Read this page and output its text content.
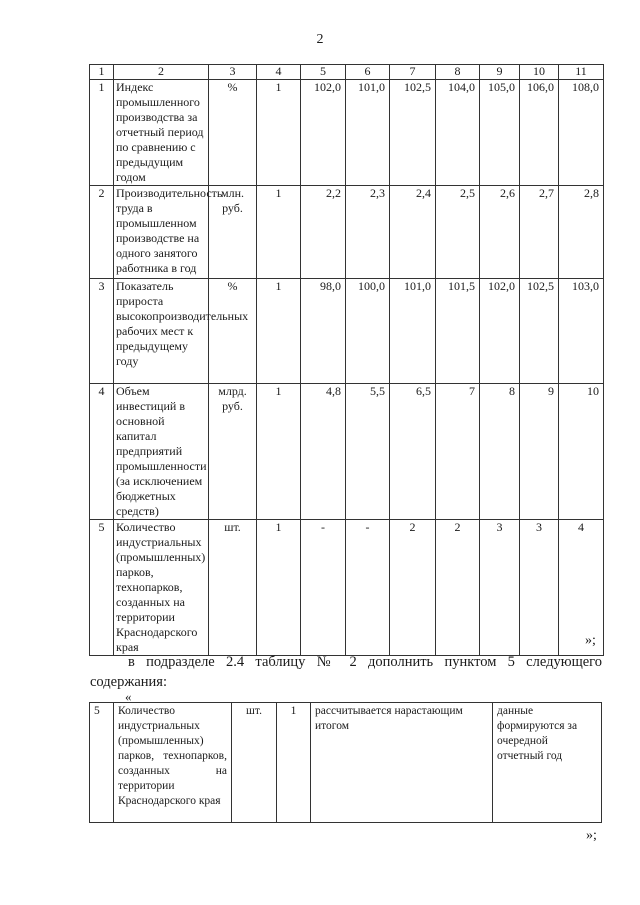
2
1	2	3	4	5	6	7	8	9	10	11
1	Индекс промышленного производства за отчетный период по сравнению с предыдущим годом	%	1	102,0	101,0	102,5	104,0	105,0	106,0	108,0
2	Производительность труда в промышленном производстве на одного занятого работника в год	млн. руб.	1	2,2	2,3	2,4	2,5	2,6	2,7	2,8
3	Показатель прироста высокопроизводительных рабочих мест к предыдущему году	%	1	98,0	100,0	101,0	101,5	102,0	102,5	103,0
4	Объем инвестиций в основной капитал предприятий промышленности (за исключением бюджетных средств)	млрд. руб.	1	4,8	5,5	6,5	7	8	9	10
5	Количество индустриальных (промышленных) парков, технопарков, созданных на территории Краснодарского края	шт.	1	-	-	2	2	3	3	4
»;
в подразделе 2.4 таблицу № 2 дополнить пунктом 5 следующего
содержания:
«
5	Количество индустриальных (промышленных) парков, технопарков, созданных на территории Краснодарского края	шт.	1	рассчитывается нарастающим итогом	данные формируются за очередной отчетный год
»;
